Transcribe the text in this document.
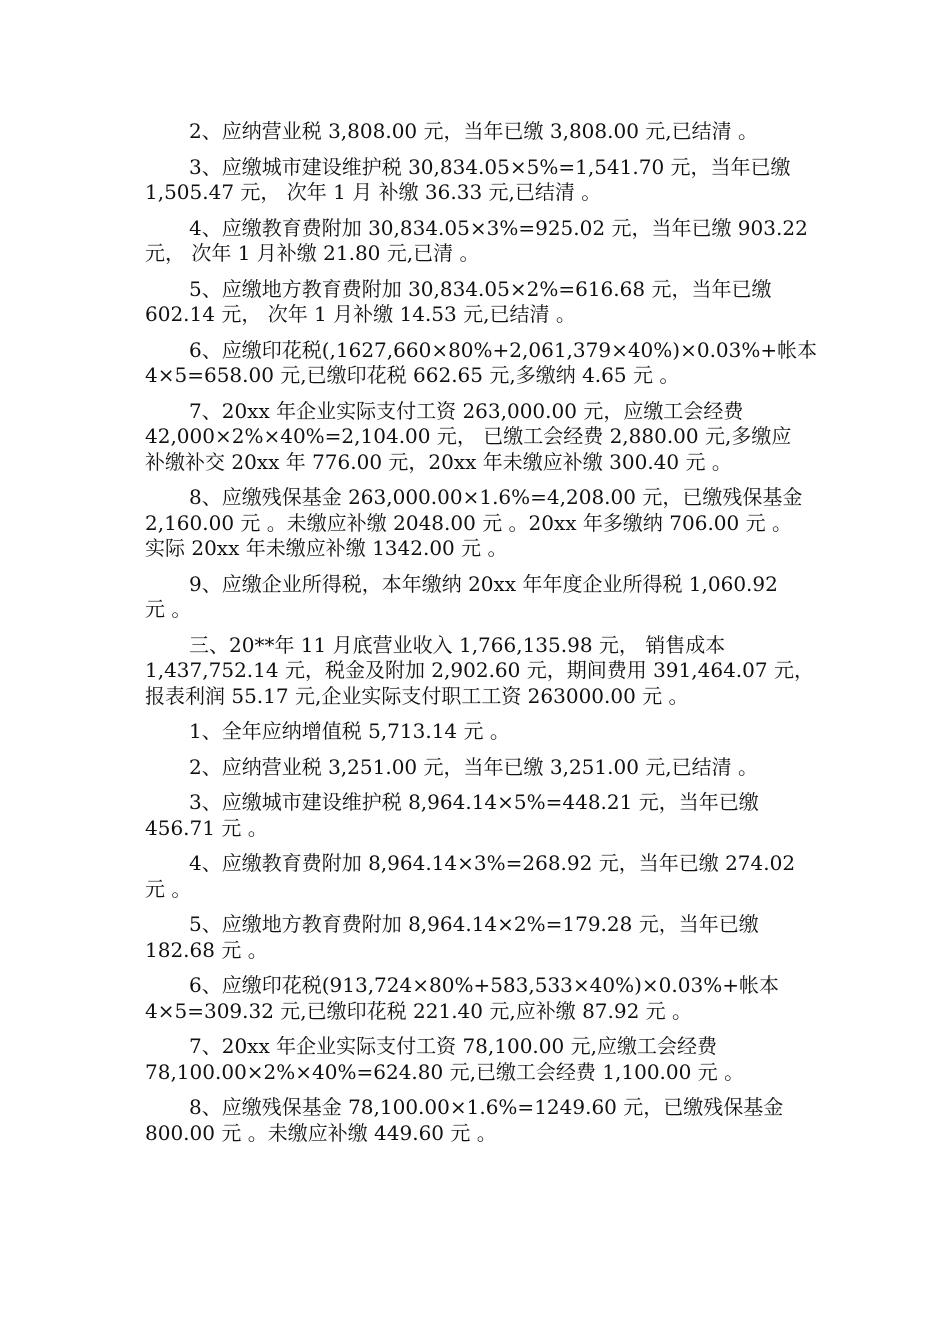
2、应纳营业税 3,808.00 元，当年已缴 3,808.00 元,已结清 。
3、应缴城市建设维护税 30,834.05×5%=1,541.70 元，当年已缴
1,505.47 元， 次年 1 月 补缴 36.33 元,已结清 。
4、应缴教育费附加 30,834.05×3%=925.02 元，当年已缴 903.22
元， 次年 1 月补缴 21.80 元,已清 。
5、应缴地方教育费附加 30,834.05×2%=616.68 元，当年已缴
602.14 元， 次年 1 月补缴 14.53 元,已结清 。
6、应缴印花税(,1627,660×80%+2,061,379×40%)×0.03%+帐本
4×5=658.00 元,已缴印花税 662.65 元,多缴纳 4.65 元 。
7、20xx 年企业实际支付工资 263,000.00 元，应缴工会经费
42,000×2%×40%=2,104.00 元， 已缴工会经费 2,880.00 元,多缴应
补缴补交 20xx 年 776.00 元，20xx 年未缴应补缴 300.40 元 。
8、应缴残保基金 263,000.00×1.6%=4,208.00 元，已缴残保基金
2,160.00 元 。未缴应补缴 2048.00 元 。20xx 年多缴纳 706.00 元 。
实际 20xx 年未缴应补缴 1342.00 元 。
9、应缴企业所得税，本年缴纳 20xx 年年度企业所得税 1,060.92
元 。
三、20**年 11 月底营业收入 1,766,135.98 元， 销售成本
1,437,752.14 元，税金及附加 2,902.60 元，期间费用 391,464.07 元，
报表利润 55.17 元,企业实际支付职工工资 263000.00 元 。
1、全年应纳增值税 5,713.14 元 。
2、应纳营业税 3,251.00 元，当年已缴 3,251.00 元,已结清 。
3、应缴城市建设维护税 8,964.14×5%=448.21 元，当年已缴
456.71 元 。
4、应缴教育费附加 8,964.14×3%=268.92 元，当年已缴 274.02
元 。
5、应缴地方教育费附加 8,964.14×2%=179.28 元，当年已缴
182.68 元 。
6、应缴印花税(913,724×80%+583,533×40%)×0.03%+帐本
4×5=309.32 元,已缴印花税 221.40 元,应补缴 87.92 元 。
7、20xx 年企业实际支付工资 78,100.00 元,应缴工会经费
78,100.00×2%×40%=624.80 元,已缴工会经费 1,100.00 元 。
8、应缴残保基金 78,100.00×1.6%=1249.60 元，已缴残保基金
800.00 元 。未缴应补缴 449.60 元 。
